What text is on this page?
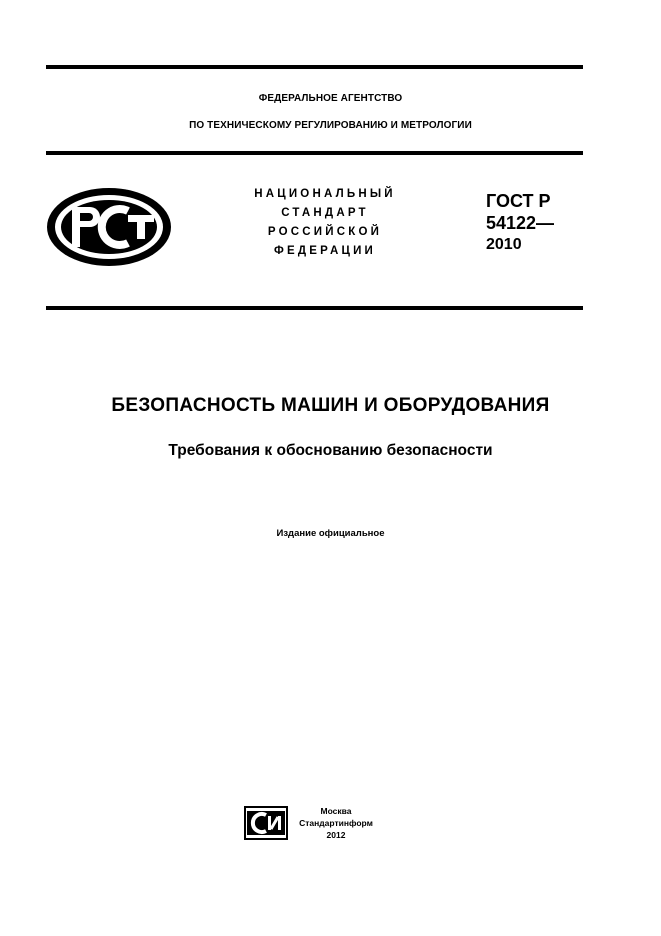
ФЕДЕРАЛЬНОЕ АГЕНТСТВО
ПО ТЕХНИЧЕСКОМУ РЕГУЛИРОВАНИЮ И МЕТРОЛОГИИ
НАЦИОНАЛЬНЫЙ
СТАНДАРТ
РОССИЙСКОЙ
ФЕДЕРАЦИИ
ГОСТ Р
54122—
2010
БЕЗОПАСНОСТЬ МАШИН И ОБОРУДОВАНИЯ
Требования к обоснованию безопасности
Издание официальное
Москва
Стандартинформ
2012
